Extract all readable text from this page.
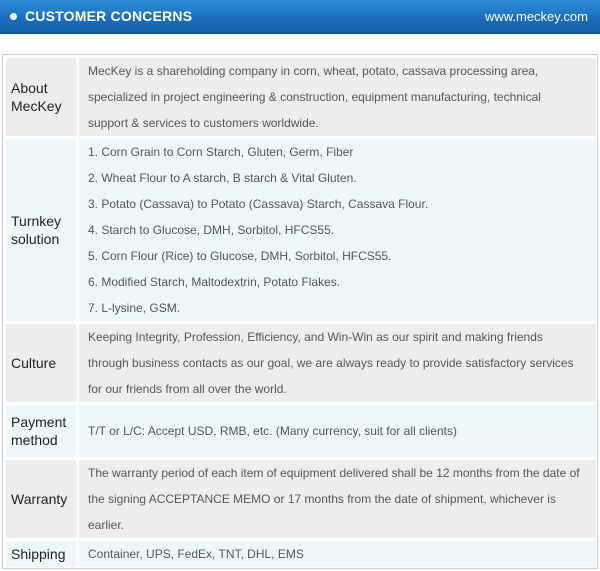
CUSTOMER CONCERNS	www.meckey.com
About MecKey
MecKey is a shareholding company in corn, wheat, potato, cassava processing area,
specialized in project engineering & construction, equipment manufacturing, technical
support & services to customers worldwide.
Turnkey solution
1. Corn Grain to Corn Starch, Gluten, Germ, Fiber
2. Wheat Flour to A starch, B starch & Vital Gluten.
3. Potato (Cassava) to Potato (Cassava) Starch, Cassava Flour.
4. Starch to Glucose, DMH, Sorbitol, HFCS55.
5. Corn Flour (Rice) to Glucose, DMH, Sorbitol, HFCS55.
6. Modified Starch, Maltodextrin, Potato Flakes.
7. L-lysine, GSM.
Culture
Keeping Integrity, Profession, Efficiency, and Win-Win as our spirit and making friends
through business contacts as our goal, we are always ready to provide satisfactory services
for our friends from all over the world.
Payment method
T/T or L/C: Accept USD, RMB, etc. (Many currency, suit for all clients)
Warranty
The warranty period of each item of equipment delivered shall be 12 months from the date of
the signing ACCEPTANCE MEMO or 17 months from the date of shipment, whichever is
earlier.
Shipping	Container, UPS, FedEx, TNT, DHL, EMS
